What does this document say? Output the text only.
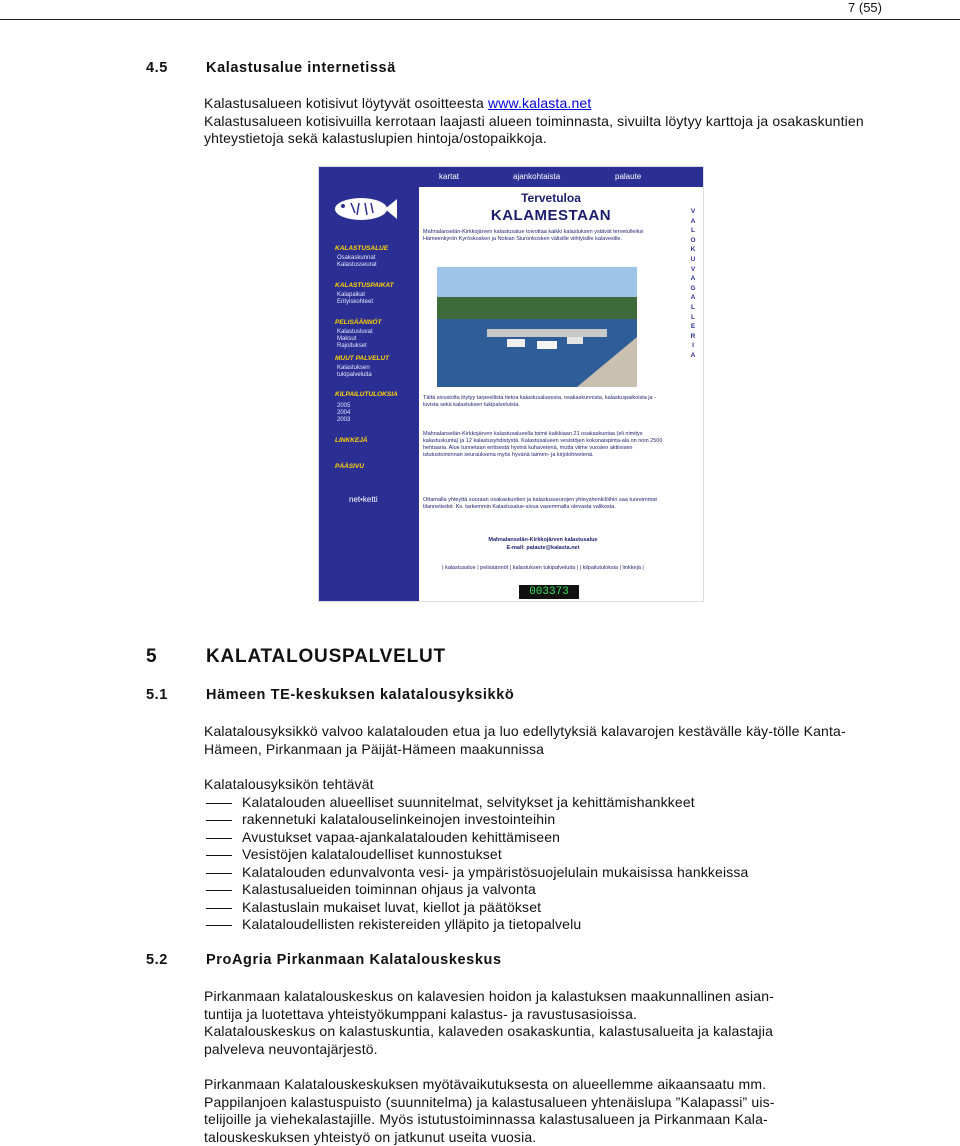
7 (55)
4.5	Kalastusalue internetissä
Kalastusalueen kotisivut löytyvät osoitteesta www.kalasta.net
Kalastusalueen kotisivuilla kerrotaan laajasti alueen toiminnasta, sivuilta löytyy karttoja ja osakaskuntien yhteystietoja sekä kalastuslupien hintoja/ostopaikkoja.
KALASTUSALUE
Osakaskunnat Kalastusseurat
KALASTUSPAIKAT
Kalapaikat Erityiskohteet
PELISÄÄNNÖT
Kalastusluvat Maksut Rajoitukset
MUUT PALVELUT
Kalastuksen tukipalveluita
KILPAILUTULOKSIA
2005 2004 2003
LINKKEJÄ
PÄÄSIVU
net•ketti
kartat	ajankohtaista	palaute
Tervetuloa
KALAMESTAAN
Mahnalanselän-Kirkkojärven kalastusalue toivottaa kaikki kalastuksen ystävät tervetulleiksi Hämeenkyrön Kyröskosken ja Nokian Siuronkosken välisille viihtyisille kalavesille.
V
A
L
O
K
U
V
A
G
A
L
L
E
R
I
A
Tältä sivustolta löytyy tarpeellista tietoa kalastusalueesta, osakaskunnista, kalastuspaikoista ja -luvista sekä kalastuksen tukipalveluista.
Mahnalanselän-Kirkkojärven kalastusalueella toimii kaikkiaan 21 osakaskuntaa (eli nimitys kalastuskunta) ja 12 kalastusyhdistystä. Kalastusalueen vesistöjen kokonaispinta-ala on noin 2500 hehtaaria. Alue tunnetaan entisestä hyvinä kuhavetenä, mutta viime vuosien aktiivisen istutustoiminnan seurauksena myös hyvänä taimen- ja kirjolohivetenä.
Ottamalla yhteyttä suoraan osakaskuntien ja kalastusseurojen yhteyshenkilöihin saa tuoreimmat tilannetiedot. Ks. tarkemmin Kalastusalue-sivua vasemmalla olevasta valikosta.
Mahnalanselän-Kirkkojärven kalastusalue
E-mail: palaute@kalasta.net
| kalastusalue | pelisäännöt | kalastuksen tukipalveluita | | kilpailutuloksia | linkkejä |
003373
5	KALATALOUSPALVELUT
5.1	Hämeen TE-keskuksen kalatalousyksikkö
Kalatalousyksikkö valvoo kalatalouden etua ja luo edellytyksiä kalavarojen kestävälle käy-tölle Kanta-Hämeen, Pirkanmaan ja Päijät-Hämeen maakunnissa
Kalatalousyksikön tehtävät
Kalatalouden alueelliset suunnitelmat, selvitykset ja kehittämishankkeet
rakennetuki kalatalouselinkeinojen investointeihin
Avustukset vapaa-ajankalatalouden kehittämiseen
Vesistöjen kalataloudelliset kunnostukset
Kalatalouden edunvalvonta vesi- ja ympäristösuojelulain mukaisissa hankkeissa
Kalastusalueiden toiminnan ohjaus ja valvonta
Kalastuslain mukaiset luvat, kiellot ja päätökset
Kalataloudellisten rekistereiden ylläpito ja tietopalvelu
5.2	ProAgria Pirkanmaan Kalatalouskeskus
Pirkanmaan kalatalouskeskus on kalavesien hoidon ja kalastuksen maakunnallinen asian-
tuntija ja luotettava yhteistyökumppani kalastus- ja ravustusasioissa.
Kalatalouskeskus on kalastuskuntia, kalaveden osakaskuntia, kalastusalueita ja kalastajia
palveleva neuvontajärjestö.
Pirkanmaan Kalatalouskeskuksen myötävaikutuksesta on alueellemme aikaansaatu mm.
Pappilanjoen kalastuspuisto (suunnitelma) ja kalastusalueen yhtenäislupa ”Kalapassi” uis-
telijoille ja viehekalastajille. Myös istutustoiminnassa kalastusalueen ja Pirkanmaan Kala-
talouskeskuksen yhteistyö on jatkunut useita vuosia.
